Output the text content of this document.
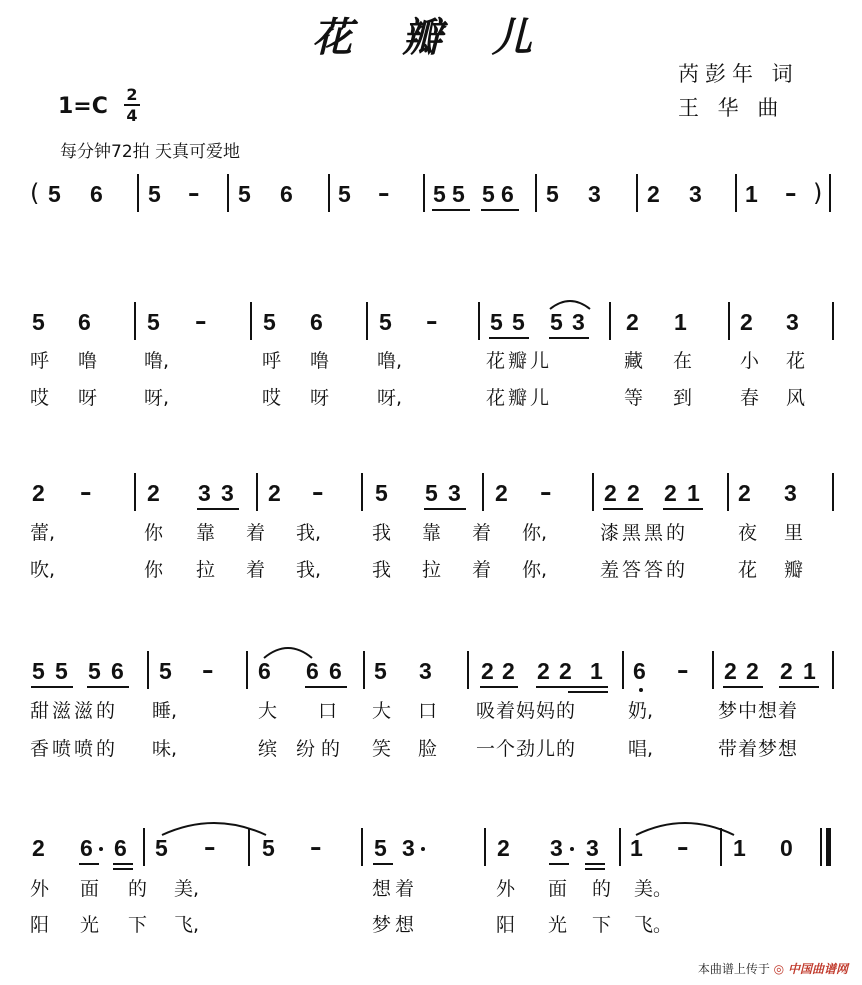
花 瓣 儿
芮彭年 词
王 华 曲
1=C 2
4
每分钟72拍 天真可爱地
( 5 6 5 – 5 6 5 – 5 5 5 6 5 3 2 3 1 – )
5 6 5 – 5 6 5 – 5 5 5 3 2 1 2 3
呼 噜 噜,	呼 噜	噜,	花瓣儿	藏 在	小 花
哎 呀 呀,	哎 呀	呀,	花瓣儿	等 到	春 风
2 – 2 3 3 2 – 5 5 3 2 – 2 2 2 1 2 3
蕾,	你 靠 着 我,	我 靠 着 你,	漆黑黑的	夜 里
吹,	你 拉 着 我,	我 拉 着 你,	羞答答的	花 瓣
5 5 5 6 5 – 6 6 6 5 3 2 2 2 2 1 6 – 2 2 2 1
甜滋滋的 睡,	大 口 大 口 吸着妈妈的	奶,	梦中想着
香喷喷的 味,	缤 纷的 笑 脸 一个劲儿的	唱,	带着梦想
2 6 6 5 – 5 – 5 3	2 3 3 1 – 1 0
外 面 的 美,	想着	外 面 的 美。
阳 光 下 飞,	梦想	阳 光 下 飞。
本曲谱上传于 ◎ 中国曲谱网
